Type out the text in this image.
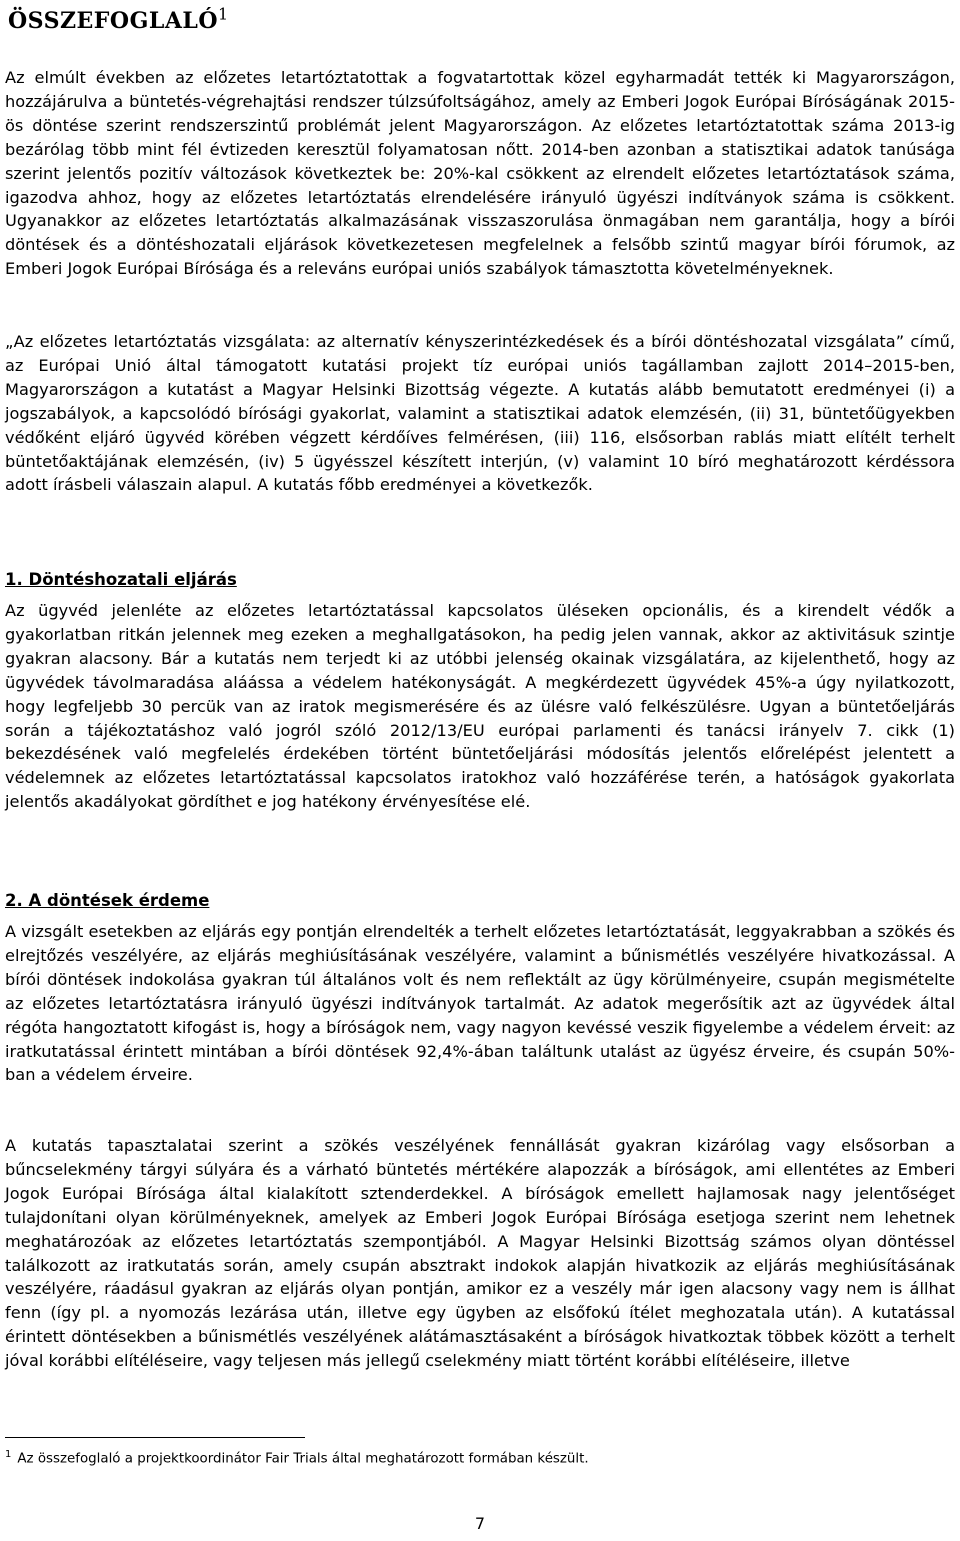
ÖSSZEFOGLALÓ$^1$

Az elmúlt években az előzetes letartóztatottak a fogvatartottak közel egyharmadát tették ki Magyarországon, hozzájárulva a büntetés-végrehajtási rendszer túlzsúfoltságához, amely az Emberi Jogok Európai Bíróságának 2015-ös döntése szerint rendszerszintű problémát jelent Magyarországon. Az előzetes letartóztatottak száma 2013-ig bezárólag több mint fél évtizeden keresztül folyamatosan nőtt. 2014-ben azonban a statisztikai adatok tanúsága szerint jelentős pozitív változások következtek be: 20%-kal csökkent az elrendelt előzetes letartóztatások száma, igazodva ahhoz, hogy az előzetes letartóztatás elrendelésére irányuló ügyészi indítványok száma is csökkent. Ugyanakkor az előzetes letartóztatás alkalmazásának visszaszorulása önmagában nem garantálja, hogy a bírói döntések és a döntéshozatali eljárások következetesen megfelelnek a felsőbb szintű magyar bírói fórumok, az Emberi Jogok Európai Bírósága és a releváns európai uniós szabályok támasztotta követelményeknek.

„Az előzetes letartóztatás vizsgálata: az alternatív kényszerintézkedések és a bírói döntéshozatal vizsgálata” című, az Európai Unió által támogatott kutatási projekt tíz európai uniós tagállamban zajlott 2014–2015-ben, Magyarországon a kutatást a Magyar Helsinki Bizottság végezte. A kutatás alább bemutatott eredményei (i) a jogszabályok, a kapcsolódó bírósági gyakorlat, valamint a statisztikai adatok elemzésén, (ii) 31, büntetőügyekben védőként eljáró ügyvéd körében végzett kérdőíves felmérésen, (iii) 116, elsősorban rablás miatt elítélt terhelt büntetőaktájának elemzésén, (iv) 5 ügyésszel készített interjún, (v) valamint 10 bíró meghatározott kérdéssora adott írásbeli válaszain alapul. A kutatás főbb eredményei a következők.

1. Döntéshozatali eljárás

Az ügyvéd jelenléte az előzetes letartóztatással kapcsolatos üléseken opcionális, és a kirendelt védők a gyakorlatban ritkán jelennek meg ezeken a meghallgatásokon, ha pedig jelen vannak, akkor az aktivitásuk szintje gyakran alacsony. Bár a kutatás nem terjedt ki az utóbbi jelenség okainak vizsgálatára, az kijelenthető, hogy az ügyvédek távolmaradása aláássa a védelem hatékonyságát. A megkérdezett ügyvédek 45%-a úgy nyilatkozott, hogy legfeljebb 30 percük van az iratok megismerésére és az ülésre való felkészülésre. Ugyan a büntetőeljárás során a tájékoztatáshoz való jogról szóló 2012/13/EU európai parlamenti és tanácsi irányelv 7. cikk (1) bekezdésének való megfelelés érdekében történt büntetőeljárási módosítás jelentős előrelépést jelentett a védelemnek az előzetes letartóztatással kapcsolatos iratokhoz való hozzáférése terén, a hatóságok gyakorlata jelentős akadályokat gördíthet e jog hatékony érvényesítése elé.

2. A döntések érdeme

A vizsgált esetekben az eljárás egy pontján elrendelték a terhelt előzetes letartóztatását, leggyakrabban a szökés és elrejtőzés veszélyére, az eljárás meghiúsításának veszélyére, valamint a bűnismétlés veszélyére hivatkozással. A bírói döntések indokolása gyakran túl általános volt és nem reflektált az ügy körülményeire, csupán megismételte az előzetes letartóztatásra irányuló ügyészi indítványok tartalmát. Az adatok megerősítik azt az ügyvédek által régóta hangoztatott kifogást is, hogy a bíróságok nem, vagy nagyon kevéssé veszik figyelembe a védelem érveit: az iratkutatással érintett mintában a bírói döntések 92,4%-ában találtunk utalást az ügyész érveire, és csupán 50%-ban a védelem érveire.

A kutatás tapasztalatai szerint a szökés veszélyének fennállását gyakran kizárólag vagy elsősorban a bűncselekmény tárgyi súlyára és a várható büntetés mértékére alapozzák a bíróságok, ami ellentétes az Emberi Jogok Európai Bírósága által kialakított sztenderdekkel. A bíróságok emellett hajlamosak nagy jelentőséget tulajdonítani olyan körülményeknek, amelyek az Emberi Jogok Európai Bírósága esetjoga szerint nem lehetnek meghatározóak az előzetes letartóztatás szempontjából. A Magyar Helsinki Bizottság számos olyan döntéssel találkozott az iratkutatás során, amely csupán absztrakt indokok alapján hivatkozik az eljárás meghiúsításának veszélyére, ráadásul gyakran az eljárás olyan pontján, amikor ez a veszély már igen alacsony vagy nem is állhat fenn (így pl. a nyomozás lezárása után, illetve egy ügyben az elsőfokú ítélet meghozatala után). A kutatással érintett döntésekben a bűnismétlés veszélyének alátámasztásaként a bíróságok hivatkoztak többek között a terhelt jóval korábbi elítéléseire, vagy teljesen más jellegű cselekmény miatt történt korábbi elítéléseire, illetve

$^1$ Az összefoglaló a projektkoordinátor Fair Trials által meghatározott formában készült.

7
